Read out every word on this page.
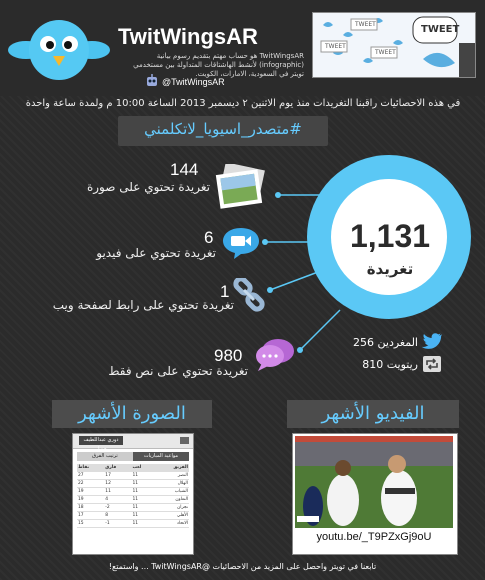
TwitWingsAR
TwitWingsAR هو حساب مهتم بتقديم رسوم بيانية (infographic) لأنشط الهاشتاقات المتداولة بين مستخدمي تويتر في السعودية، الامارات، الكويت.
@TwitWingsAR
TWEET
TWEET
TWEET
TWEET
في هذه الاحصائيات راقبنا التغريدات منذ يوم الاثنين ٢ ديسمبر 2013 الساعة 10:00 م ولمدة ساعة واحدة
#متصدر_اسيويا_لاتكلمني
1,131
تغريدة
144
تغريدة تحتوي على صورة
6
تغريدة تحتوي على فيديو
1
تغريدة تحتوي على رابط لصفحة ويب
980
تغريدة تحتوي على نص فقط
المغردين 256
ريتويت 810
الفيديو الأشهر
الصورة الأشهر
youtu.be/_T9PZxGj9oU
دوري عبداللطيف جميل
ترتيب الفرق	مواعيد المباريات
نقاط	فارق	لعب	الفريق
27	17	11	النصر
22	12	11	الهلال
19	11	11	الشباب
19	4	11	التعاون
18	-2	11	نجران
17	8	11	الأهلي
15	-1	11	الاتحاد
تابعنا في تويتر واحصل على المزيد من الاحصائيات @TwitWingsAR ... واستمتع!
